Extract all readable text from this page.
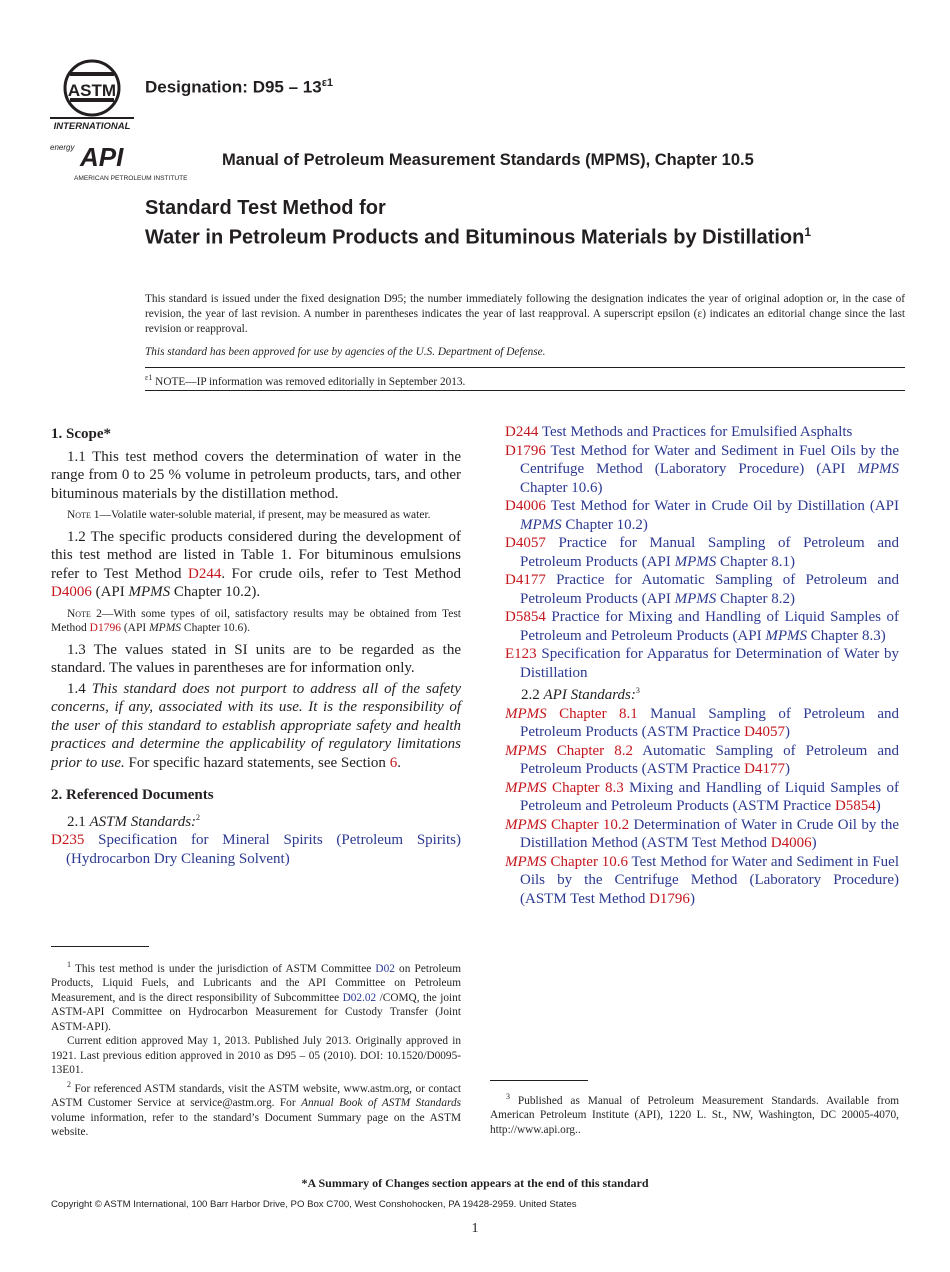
ASTM
INTERNATIONAL
energy API
AMERICAN PETROLEUM INSTITUTE
Designation: $D95 - 13^{\varepsilon 1}$
Manual of Petroleum Measurement Standards (MPMS), Chapter 10.5
Standard Test Method for
Water in Petroleum Products and Bituminous Materials by Distillation$^1$
This standard is issued under the fixed designation D95; the number immediately following the designation indicates the year of original adoption or, in the case of revision, the year of last revision. A number in parentheses indicates the year of last reapproval. A superscript epsilon (ε) indicates an editorial change since the last revision or reapproval.
This standard has been approved for use by agencies of the U.S. Department of Defense.
$^{\varepsilon 1}$ NOTE—IP information was removed editorially in September 2013.
1. Scope*

1.1 This test method covers the determination of water in the range from 0 to 25 % volume in petroleum products, tars, and other bituminous materials by the distillation method.

Note 1—Volatile water-soluble material, if present, may be measured as water.

1.2 The specific products considered during the development of this test method are listed in Table 1. For bituminous emulsions refer to Test Method D244. For crude oils, refer to Test Method D4006 (API MPMS Chapter 10.2).

Note 2—With some types of oil, satisfactory results may be obtained from Test Method D1796 (API MPMS Chapter 10.6).

1.3 The values stated in SI units are to be regarded as the standard. The values in parentheses are for information only.

1.4 This standard does not purport to address all of the safety concerns, if any, associated with its use. It is the responsibility of the user of this standard to establish appropriate safety and health practices and determine the applicability of regulatory limitations prior to use. For specific hazard statements, see Section 6.

2. Referenced Documents

2.1 ASTM Standards:$^2$

D235 Specification for Mineral Spirits (Petroleum Spirits) (Hydrocarbon Dry Cleaning Solvent)

D244 Test Methods and Practices for Emulsified Asphalts

D1796 Test Method for Water and Sediment in Fuel Oils by the Centrifuge Method (Laboratory Procedure) (API MPMS Chapter 10.6)

D4006 Test Method for Water in Crude Oil by Distillation (API MPMS Chapter 10.2)

D4057 Practice for Manual Sampling of Petroleum and Petroleum Products (API MPMS Chapter 8.1)

D4177 Practice for Automatic Sampling of Petroleum and Petroleum Products (API MPMS Chapter 8.2)

D5854 Practice for Mixing and Handling of Liquid Samples of Petroleum and Petroleum Products (API MPMS Chapter 8.3)

E123 Specification for Apparatus for Determination of Water by Distillation

2.2 API Standards:$^3$

MPMS Chapter 8.1 Manual Sampling of Petroleum and Petroleum Products (ASTM Practice D4057)

MPMS Chapter 8.2 Automatic Sampling of Petroleum and Petroleum Products (ASTM Practice D4177)

MPMS Chapter 8.3 Mixing and Handling of Liquid Samples of Petroleum and Petroleum Products (ASTM Practice D5854)

MPMS Chapter 10.2 Determination of Water in Crude Oil by the Distillation Method (ASTM Test Method D4006)

MPMS Chapter 10.6 Test Method for Water and Sediment in Fuel Oils by the Centrifuge Method (Laboratory Procedure) (ASTM Test Method D1796)

$^1$ This test method is under the jurisdiction of ASTM Committee D02 on Petroleum Products, Liquid Fuels, and Lubricants and the API Committee on Petroleum Measurement, and is the direct responsibility of Subcommittee D02.02 /COMQ, the joint ASTM-API Committee on Hydrocarbon Measurement for Custody Transfer (Joint ASTM-API).

Current edition approved May 1, 2013. Published July 2013. Originally approved in 1921. Last previous edition approved in 2010 as D95 – 05 (2010). DOI: 10.1520/D0095-13E01.

$^2$ For referenced ASTM standards, visit the ASTM website, www.astm.org, or contact ASTM Customer Service at service@astm.org. For Annual Book of ASTM Standards volume information, refer to the standard’s Document Summary page on the ASTM website.

$^3$ Published as Manual of Petroleum Measurement Standards. Available from American Petroleum Institute (API), 1220 L. St., NW, Washington, DC 20005-4070, http://www.api.org..

*A Summary of Changes section appears at the end of this standard
Copyright © ASTM International, 100 Barr Harbor Drive, PO Box C700, West Conshohocken, PA 19428-2959. United States
1
